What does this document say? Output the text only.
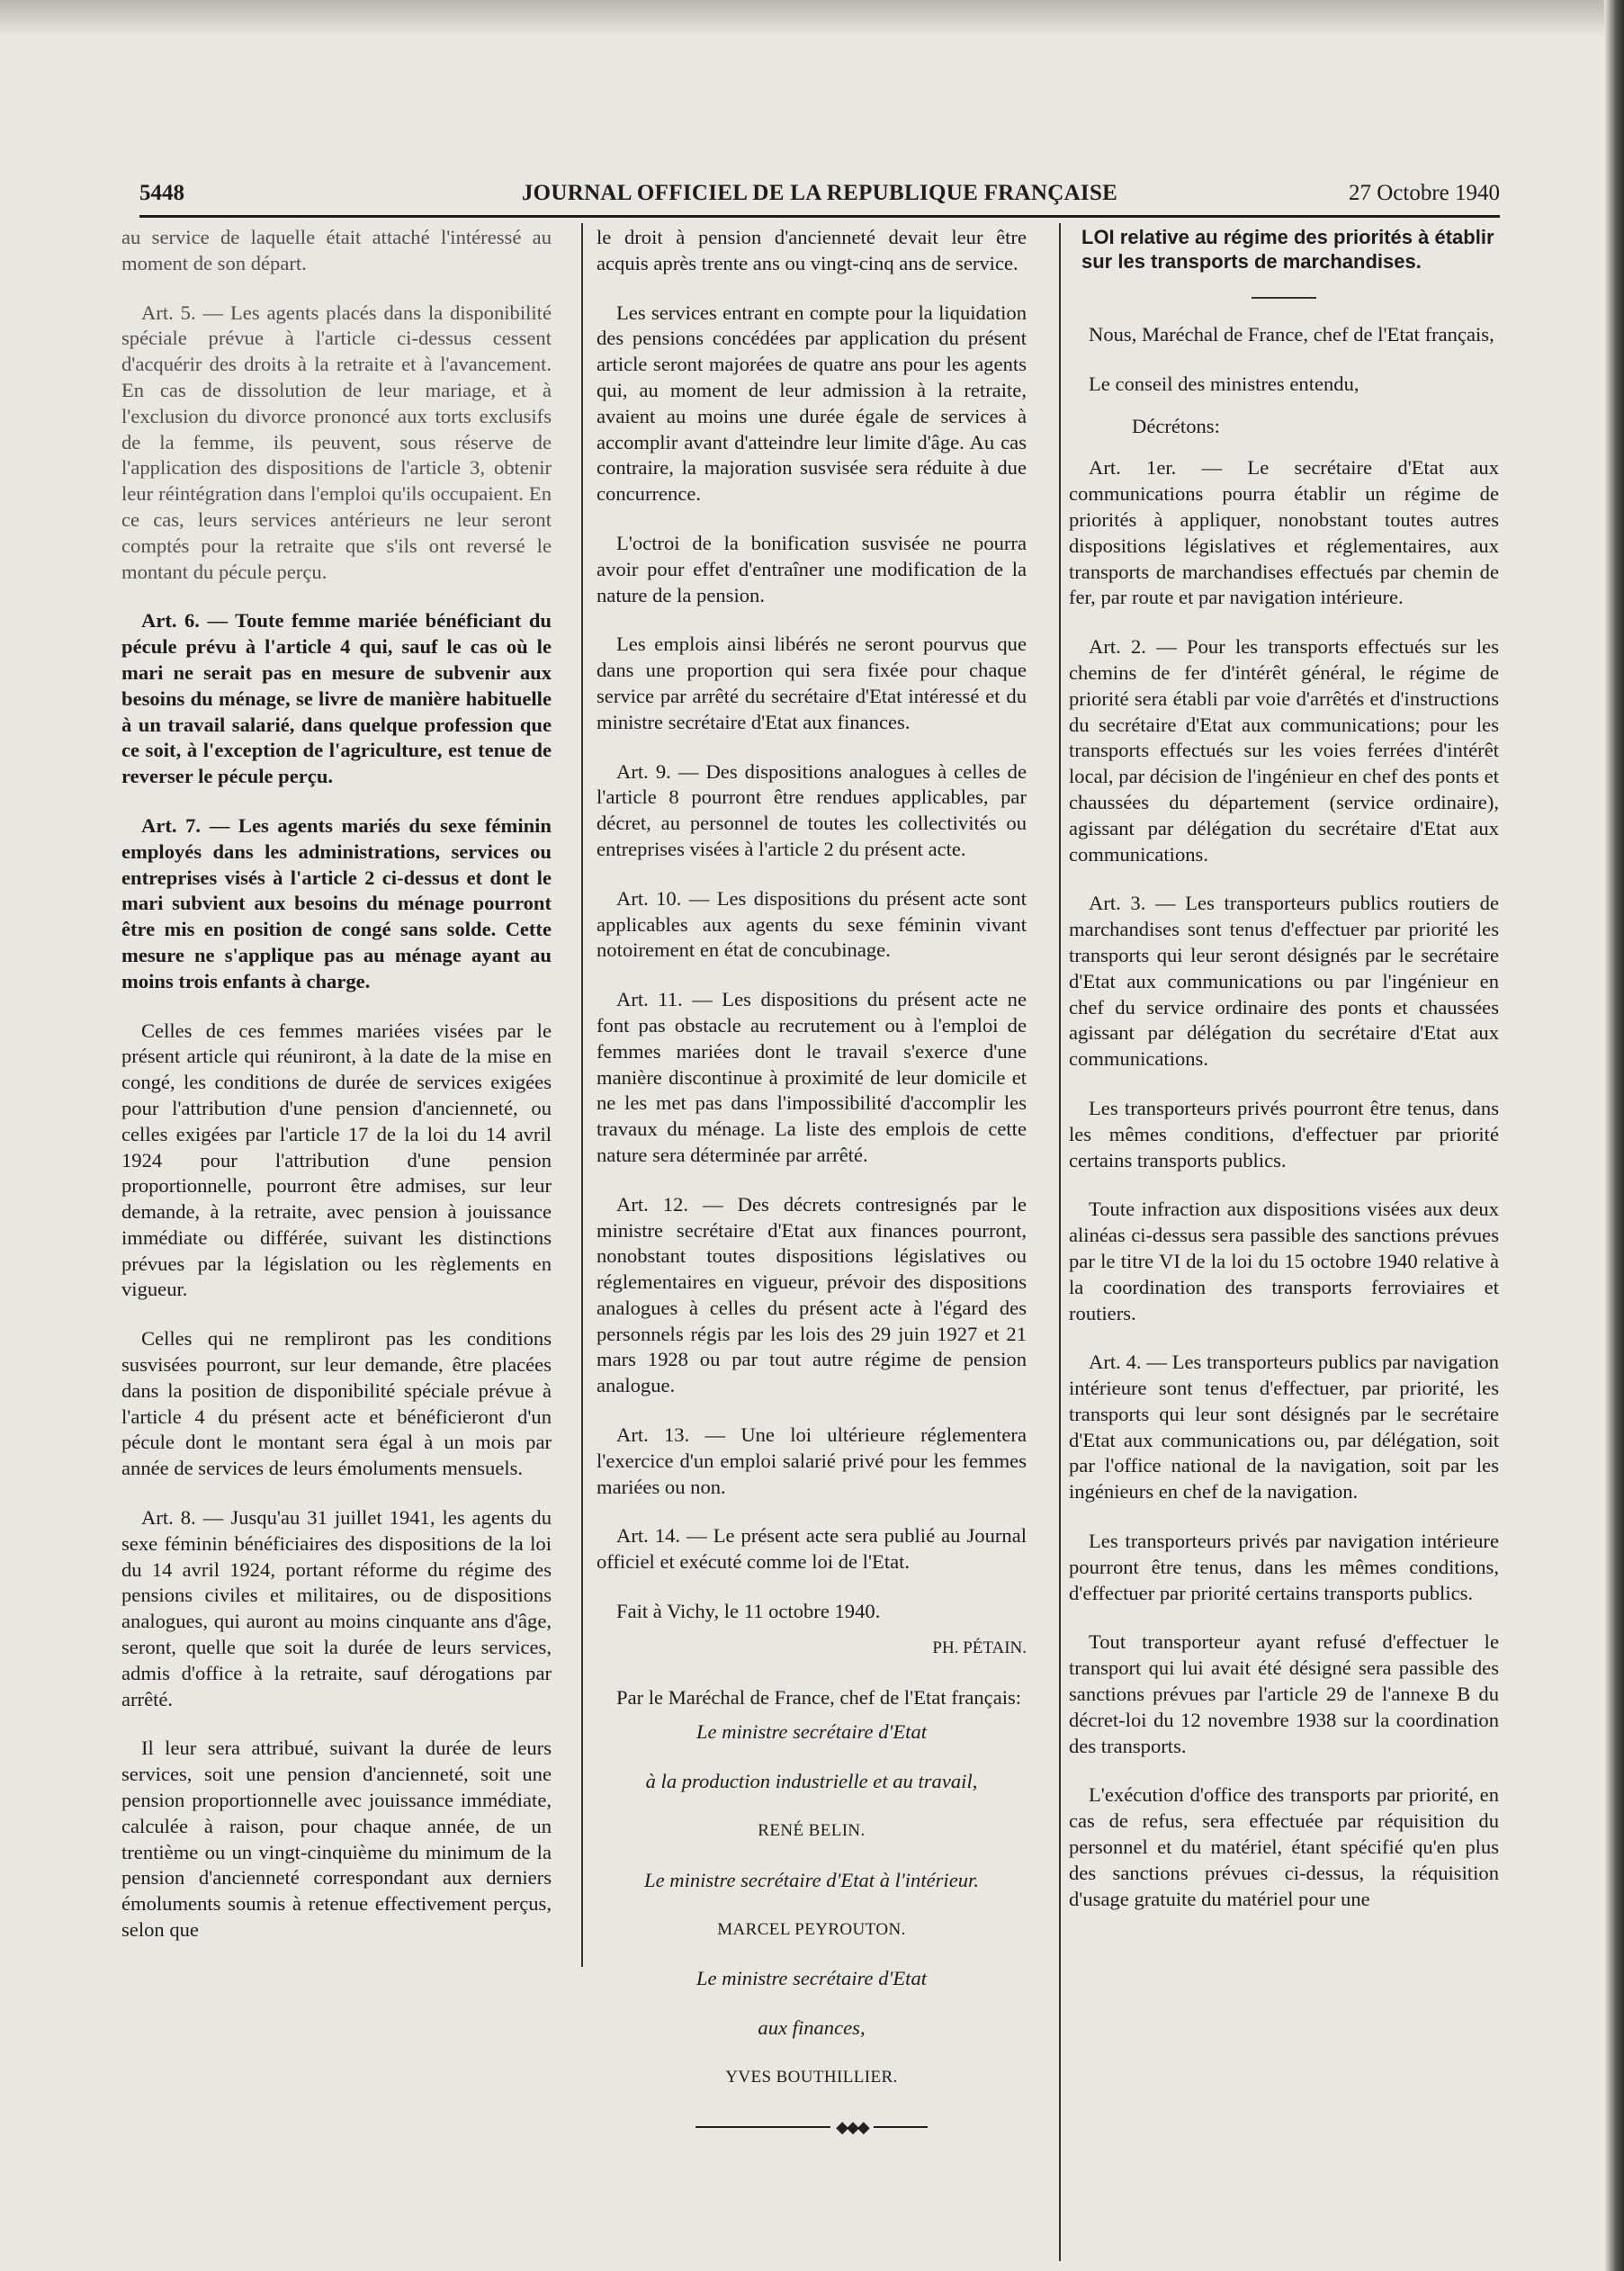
5448	JOURNAL OFFICIEL DE LA REPUBLIQUE FRANÇAISE	27 Octobre 1940

au service de laquelle était attaché l'intéressé au moment de son départ.

Art. 5. — Les agents placés dans la disponibilité spéciale prévue à l'article ci-dessus cessent d'acquérir des droits à la retraite et à l'avancement. En cas de dissolution de leur mariage, et à l'exclusion du divorce prononcé aux torts exclusifs de la femme, ils peuvent, sous réserve de l'application des dispositions de l'article 3, obtenir leur réintégration dans l'emploi qu'ils occupaient. En ce cas, leurs services antérieurs ne leur seront comptés pour la retraite que s'ils ont reversé le montant du pécule perçu.

Art. 6. — Toute femme mariée bénéficiant du pécule prévu à l'article 4 qui, sauf le cas où le mari ne serait pas en mesure de subvenir aux besoins du ménage, se livre de manière habituelle à un travail salarié, dans quelque profession que ce soit, à l'exception de l'agriculture, est tenue de reverser le pécule perçu.

Art. 7. — Les agents mariés du sexe féminin employés dans les administrations, services ou entreprises visés à l'article 2 ci-dessus et dont le mari subvient aux besoins du ménage pourront être mis en position de congé sans solde. Cette mesure ne s'applique pas au ménage ayant au moins trois enfants à charge.

Celles de ces femmes mariées visées par le présent article qui réuniront, à la date de la mise en congé, les conditions de durée de services exigées pour l'attribution d'une pension d'ancienneté, ou celles exigées par l'article 17 de la loi du 14 avril 1924 pour l'attribution d'une pension proportionnelle, pourront être admises, sur leur demande, à la retraite, avec pension à jouissance immédiate ou différée, suivant les distinctions prévues par la législation ou les règlements en vigueur.

Celles qui ne rempliront pas les conditions susvisées pourront, sur leur demande, être placées dans la position de disponibilité spéciale prévue à l'article 4 du présent acte et bénéficieront d'un pécule dont le montant sera égal à un mois par année de services de leurs émoluments mensuels.

Art. 8. — Jusqu'au 31 juillet 1941, les agents du sexe féminin bénéficiaires des dispositions de la loi du 14 avril 1924, portant réforme du régime des pensions civiles et militaires, ou de dispositions analogues, qui auront au moins cinquante ans d'âge, seront, quelle que soit la durée de leurs services, admis d'office à la retraite, sauf dérogations par arrêté.

Il leur sera attribué, suivant la durée de leurs services, soit une pension d'ancienneté, soit une pension proportionnelle avec jouissance immédiate, calculée à raison, pour chaque année, de un trentième ou un vingt-cinquième du minimum de la pension d'ancienneté correspondant aux derniers émoluments soumis à retenue effectivement perçus, selon que

le droit à pension d'ancienneté devait leur être acquis après trente ans ou vingt-cinq ans de service.

Les services entrant en compte pour la liquidation des pensions concédées par application du présent article seront majorées de quatre ans pour les agents qui, au moment de leur admission à la retraite, avaient au moins une durée égale de services à accomplir avant d'atteindre leur limite d'âge. Au cas contraire, la majoration susvisée sera réduite à due concurrence.

L'octroi de la bonification susvisée ne pourra avoir pour effet d'entraîner une modification de la nature de la pension.

Les emplois ainsi libérés ne seront pourvus que dans une proportion qui sera fixée pour chaque service par arrêté du secrétaire d'Etat intéressé et du ministre secrétaire d'Etat aux finances.

Art. 9. — Des dispositions analogues à celles de l'article 8 pourront être rendues applicables, par décret, au personnel de toutes les collectivités ou entreprises visées à l'article 2 du présent acte.

Art. 10. — Les dispositions du présent acte sont applicables aux agents du sexe féminin vivant notoirement en état de concubinage.

Art. 11. — Les dispositions du présent acte ne font pas obstacle au recrutement ou à l'emploi de femmes mariées dont le travail s'exerce d'une manière discontinue à proximité de leur domicile et ne les met pas dans l'impossibilité d'accomplir les travaux du ménage. La liste des emplois de cette nature sera déterminée par arrêté.

Art. 12. — Des décrets contresignés par le ministre secrétaire d'Etat aux finances pourront, nonobstant toutes dispositions législatives ou réglementaires en vigueur, prévoir des dispositions analogues à celles du présent acte à l'égard des personnels régis par les lois des 29 juin 1927 et 21 mars 1928 ou par tout autre régime de pension analogue.

Art. 13. — Une loi ultérieure réglementera l'exercice d'un emploi salarié privé pour les femmes mariées ou non.

Art. 14. — Le présent acte sera publié au Journal officiel et exécuté comme loi de l'Etat.

Fait à Vichy, le 11 octobre 1940.

PH. PÉTAIN.

Par le Maréchal de France, chef de l'Etat français:

Le ministre secrétaire d'Etat

à la production industrielle et au travail,

RENÉ BELIN.

Le ministre secrétaire d'Etat à l'intérieur.

MARCEL PEYROUTON.

Le ministre secrétaire d'Etat

aux finances,

YVES BOUTHILLIER.

◆◆◆

LOI relative au régime des priorités à établir sur les transports de marchandises.

Nous, Maréchal de France, chef de l'Etat français,

Le conseil des ministres entendu,

Décrétons:

Art. 1er. — Le secrétaire d'Etat aux communications pourra établir un régime de priorités à appliquer, nonobstant toutes autres dispositions législatives et réglementaires, aux transports de marchandises effectués par chemin de fer, par route et par navigation intérieure.

Art. 2. — Pour les transports effectués sur les chemins de fer d'intérêt général, le régime de priorité sera établi par voie d'arrêtés et d'instructions du secrétaire d'Etat aux communications; pour les transports effectués sur les voies ferrées d'intérêt local, par décision de l'ingénieur en chef des ponts et chaussées du département (service ordinaire), agissant par délégation du secrétaire d'Etat aux communications.

Art. 3. — Les transporteurs publics routiers de marchandises sont tenus d'effectuer par priorité les transports qui leur seront désignés par le secrétaire d'Etat aux communications ou par l'ingénieur en chef du service ordinaire des ponts et chaussées agissant par délégation du secrétaire d'Etat aux communications.

Les transporteurs privés pourront être tenus, dans les mêmes conditions, d'effectuer par priorité certains transports publics.

Toute infraction aux dispositions visées aux deux alinéas ci-dessus sera passible des sanctions prévues par le titre VI de la loi du 15 octobre 1940 relative à la coordination des transports ferroviaires et routiers.

Art. 4. — Les transporteurs publics par navigation intérieure sont tenus d'effectuer, par priorité, les transports qui leur sont désignés par le secrétaire d'Etat aux communications ou, par délégation, soit par l'office national de la navigation, soit par les ingénieurs en chef de la navigation.

Les transporteurs privés par navigation intérieure pourront être tenus, dans les mêmes conditions, d'effectuer par priorité certains transports publics.

Tout transporteur ayant refusé d'effectuer le transport qui lui avait été désigné sera passible des sanctions prévues par l'article 29 de l'annexe B du décret-loi du 12 novembre 1938 sur la coordination des transports.

L'exécution d'office des transports par priorité, en cas de refus, sera effectuée par réquisition du personnel et du matériel, étant spécifié qu'en plus des sanctions prévues ci-dessus, la réquisition d'usage gratuite du matériel pour une
